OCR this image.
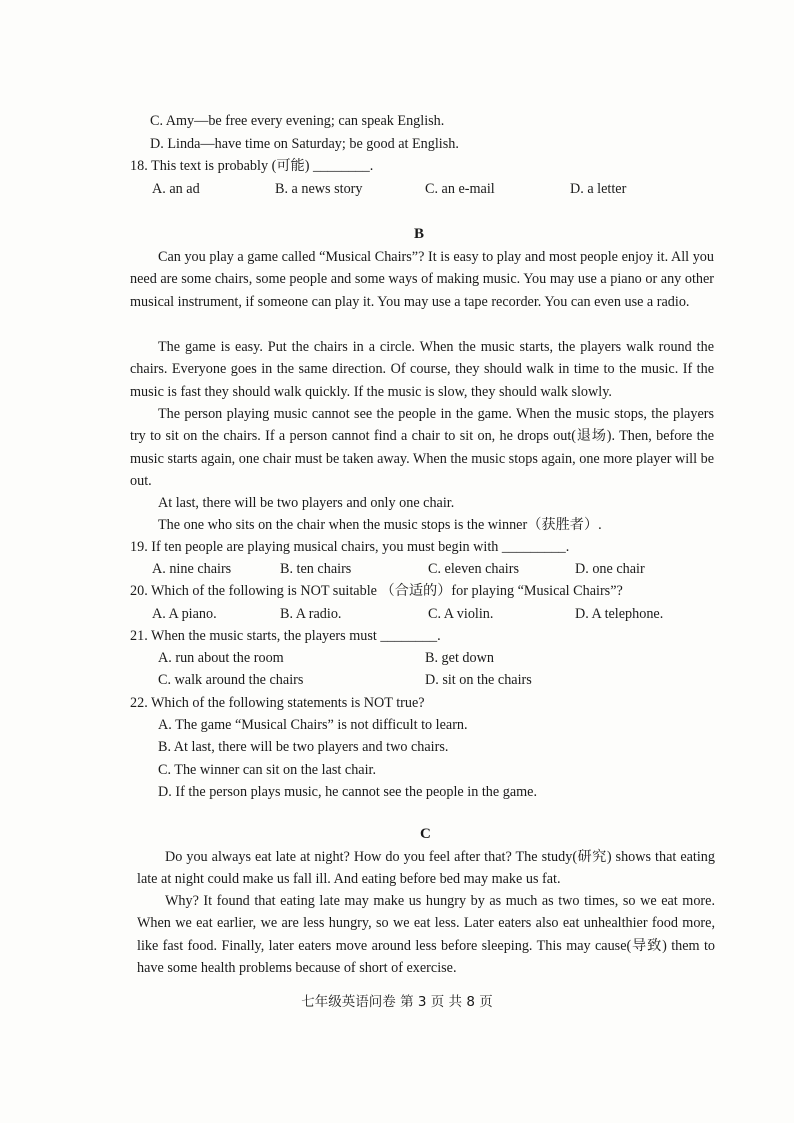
C. Amy—be free every evening; can speak English.
D. Linda—have time on Saturday; be good at English.
18. This text is probably (可能) ________.
A. an ad	B. a news story	C. an e-mail	D. a letter
B
Can you play a game called “Musical Chairs”? It is easy to play and most people enjoy it. All you need are some chairs, some people and some ways of making music. You may use a piano or any other musical instrument, if someone can play it. You may use a tape recorder. You can even use a radio.
The game is easy. Put the chairs in a circle. When the music starts, the players walk round the chairs. Everyone goes in the same direction. Of course, they should walk in time to the music. If the music is fast they should walk quickly. If the music is slow, they should walk slowly.
The person playing music cannot see the people in the game. When the music stops, the players try to sit on the chairs. If a person cannot find a chair to sit on, he drops out(退场). Then, before the music starts again, one chair must be taken away. When the music stops again, one more player will be out.
At last, there will be two players and only one chair.
The one who sits on the chair when the music stops is the winner（获胜者）.
19. If ten people are playing musical chairs, you must begin with _________.
A. nine chairs	B. ten chairs	C. eleven chairs	D. one chair
20. Which of the following is NOT suitable （合适的）for playing “Musical Chairs”?
A. A piano.	B. A radio.	C. A violin.	D. A telephone.
21. When the music starts, the players must ________.
A. run about the room	B. get down
C. walk around the chairs	D. sit on the chairs
22. Which of the following statements is NOT true?
A. The game “Musical Chairs” is not difficult to learn.
B. At last, there will be two players and two chairs.
C. The winner can sit on the last chair.
D. If the person plays music, he cannot see the people in the game.
C
Do you always eat late at night? How do you feel after that? The study(研究) shows that eating late at night could make us fall ill. And eating before bed may make us fat.
Why? It found that eating late may make us hungry by as much as two times, so we eat more. When we eat earlier, we are less hungry, so we eat less. Later eaters also eat unhealthier food more, like fast food. Finally, later eaters move around less before sleeping. This may cause(导致) them to have some health problems because of short of exercise.
七年级英语问卷 第 3 页 共 8 页
